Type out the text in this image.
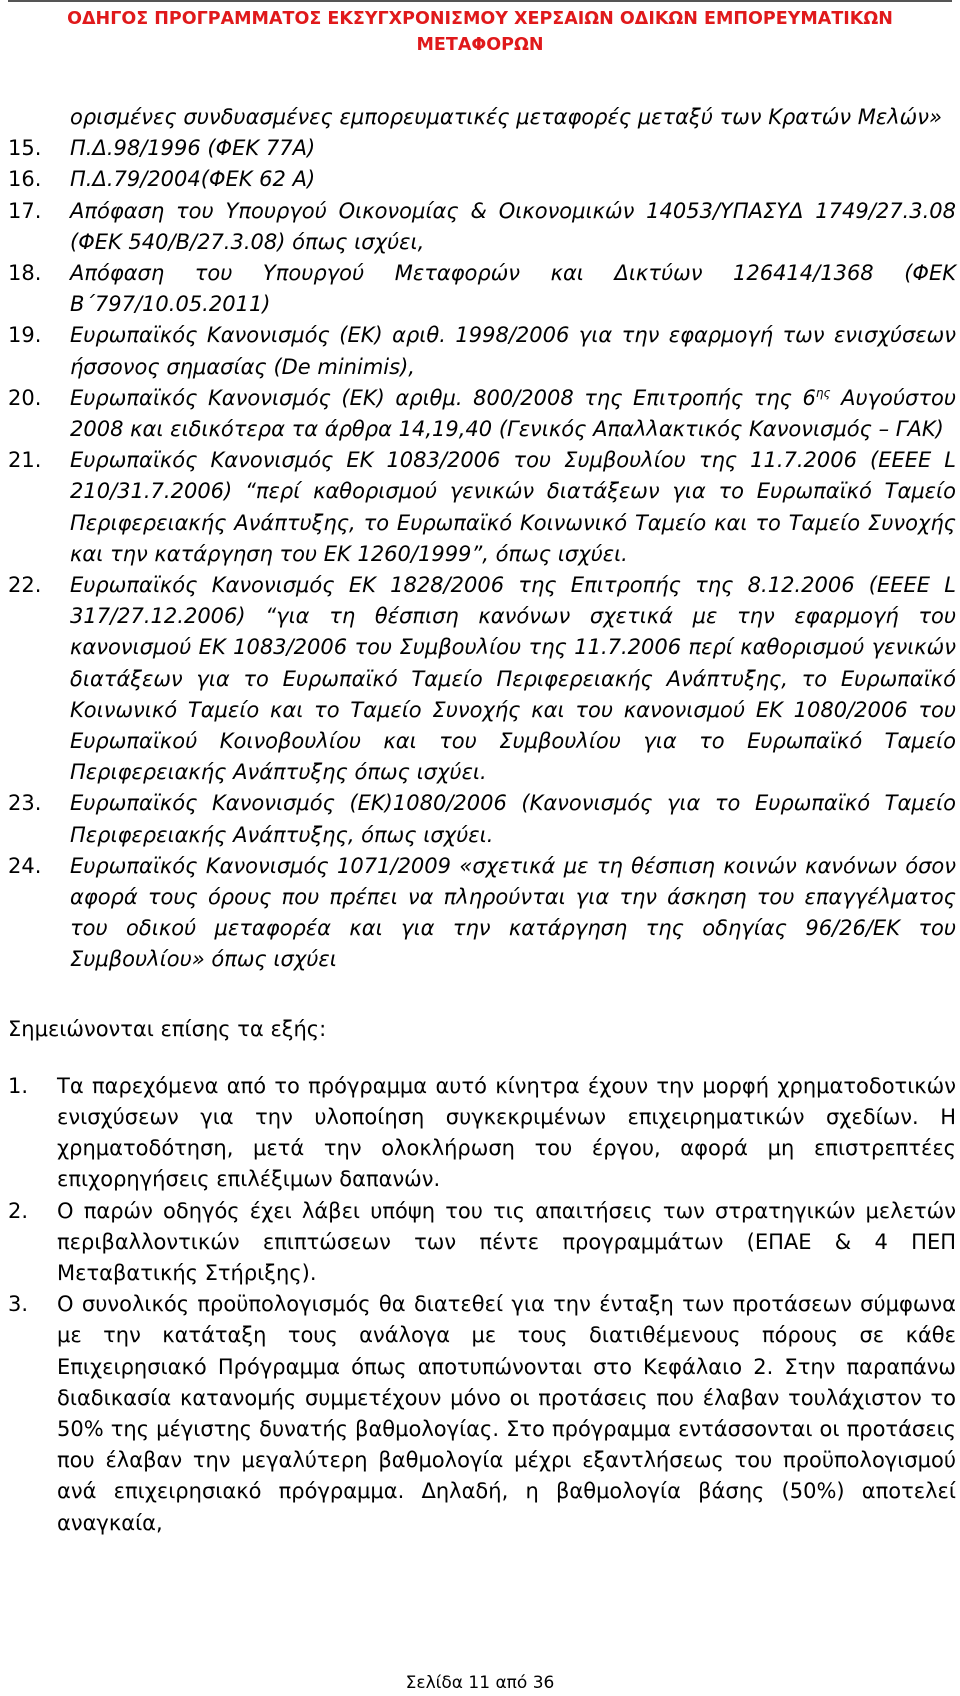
ΟΔΗΓΟΣ ΠΡΟΓΡΑΜΜΑΤΟΣ ΕΚΣΥΓΧΡΟΝΙΣΜΟΥ ΧΕΡΣΑΙΩΝ ΟΔΙΚΩΝ ΕΜΠΟΡΕΥΜΑΤΙΚΩΝ
ΜΕΤΑΦΟΡΩΝ
ορισμένες συνδυασμένες εμπορευματικές μεταφορές μεταξύ των Κρατών Μελών»
15. Π.Δ.98/1996 (ΦΕΚ 77Α)
16. Π.Δ.79/2004(ΦΕΚ 62 Α)
17. Απόφαση του Υπουργού Οικονομίας & Οικονομικών 14053/ΥΠΑΣΥΔ 1749/27.3.08 (ΦΕΚ 540/Β/27.3.08) όπως ισχύει,
18. Απόφαση του Υπουργού Μεταφορών και Δικτύων 126414/1368 (ΦΕΚ Β΄797/10.05.2011)
19. Ευρωπαϊκός Κανονισμός (ΕΚ) αριθ. 1998/2006 για την εφαρμογή των ενισχύσεων ήσσονος σημασίας (De minimis),
20. Ευρωπαϊκός Κανονισμός (ΕΚ) αριθμ. 800/2008 της Επιτροπής της $6^{\eta\varsigma}$ Αυγούστου 2008 και ειδικότερα τα άρθρα 14,19,40 (Γενικός Απαλλακτικός Κανονισμός – ΓΑΚ)
21. Ευρωπαϊκός Κανονισμός ΕΚ 1083/2006 του Συμβουλίου της 11.7.2006 (ΕΕΕΕ L 210/31.7.2006) “περί καθορισμού γενικών διατάξεων για το Ευρωπαϊκό Ταμείο Περιφερειακής Ανάπτυξης, το Ευρωπαϊκό Κοινωνικό Ταμείο και το Ταμείο Συνοχής και την κατάργηση του ΕΚ 1260/1999”, όπως ισχύει.
22. Ευρωπαϊκός Κανονισμός ΕΚ 1828/2006 της Επιτροπής της 8.12.2006 (ΕΕΕΕ L 317/27.12.2006) “για τη θέσπιση κανόνων σχετικά με την εφαρμογή του κανονισμού ΕΚ 1083/2006 του Συμβουλίου της 11.7.2006 περί καθορισμού γενικών διατάξεων για το Ευρωπαϊκό Ταμείο Περιφερειακής Ανάπτυξης, το Ευρωπαϊκό Κοινωνικό Ταμείο και το Ταμείο Συνοχής και του κανονισμού ΕΚ 1080/2006 του Ευρωπαϊκού Κοινοβουλίου και του Συμβουλίου για το Ευρωπαϊκό Ταμείο Περιφερειακής Ανάπτυξης όπως ισχύει.
23. Ευρωπαϊκός Κανονισμός (ΕΚ)1080/2006 (Κανονισμός για το Ευρωπαϊκό Ταμείο Περιφερειακής Ανάπτυξης, όπως ισχύει.
24. Ευρωπαϊκός Κανονισμός 1071/2009 «σχετικά με τη θέσπιση κοινών κανόνων όσον αφορά τους όρους που πρέπει να πληρούνται για την άσκηση του επαγγέλματος του οδικού μεταφορέα και για την κατάργηση της οδηγίας 96/26/ΕΚ του Συμβουλίου» όπως ισχύει
Σημειώνονται επίσης τα εξής:
1. Τα παρεχόμενα από το πρόγραμμα αυτό κίνητρα έχουν την μορφή χρηματοδοτικών ενισχύσεων για την υλοποίηση συγκεκριμένων επιχειρηματικών σχεδίων. Η χρηματοδότηση, μετά την ολοκλήρωση του έργου, αφορά μη επιστρεπτέες επιχορηγήσεις επιλέξιμων δαπανών.
2. Ο παρών οδηγός έχει λάβει υπόψη του τις απαιτήσεις των στρατηγικών μελετών περιβαλλοντικών επιπτώσεων των πέντε προγραμμάτων (ΕΠΑΕ & 4 ΠΕΠ Μεταβατικής Στήριξης).
3. Ο συνολικός προϋπολογισμός θα διατεθεί για την ένταξη των προτάσεων σύμφωνα με την κατάταξη τους ανάλογα με τους διατιθέμενους πόρους σε κάθε Επιχειρησιακό Πρόγραμμα όπως αποτυπώνονται στο Κεφάλαιο 2. Στην παραπάνω διαδικασία κατανομής συμμετέχουν μόνο οι προτάσεις που έλαβαν τουλάχιστον το 50% της μέγιστης δυνατής βαθμολογίας. Στο πρόγραμμα εντάσσονται οι προτάσεις που έλαβαν την μεγαλύτερη βαθμολογία μέχρι εξαντλήσεως του προϋπολογισμού ανά επιχειρησιακό πρόγραμμα. Δηλαδή, η βαθμολογία βάσης (50%) αποτελεί αναγκαία,
Σελίδα 11 από 36
